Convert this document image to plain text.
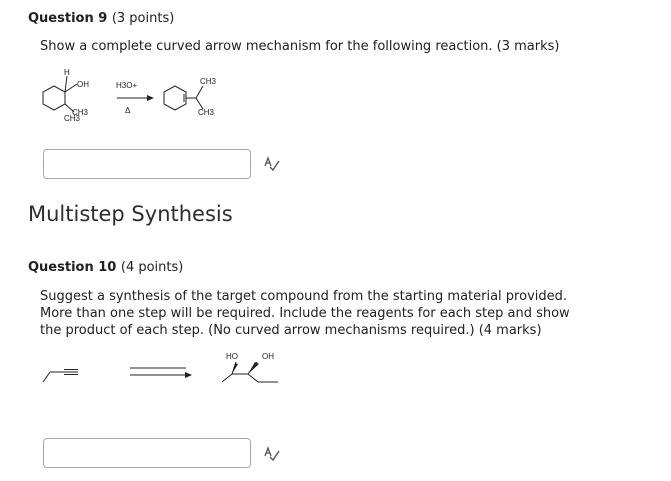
Question 9 (3 points)
Show a complete curved arrow mechanism for the following reaction. (3 marks)
H
OH
CH3
CH3
H3O+
Δ
CH3
CH3
Multistep Synthesis
Question 10 (4 points)
Suggest a synthesis of the target compound from the starting material provided. More than one step will be required. Include the reagents for each step and show the product of each step. (No curved arrow mechanisms required.) (4 marks)
HO	OH
